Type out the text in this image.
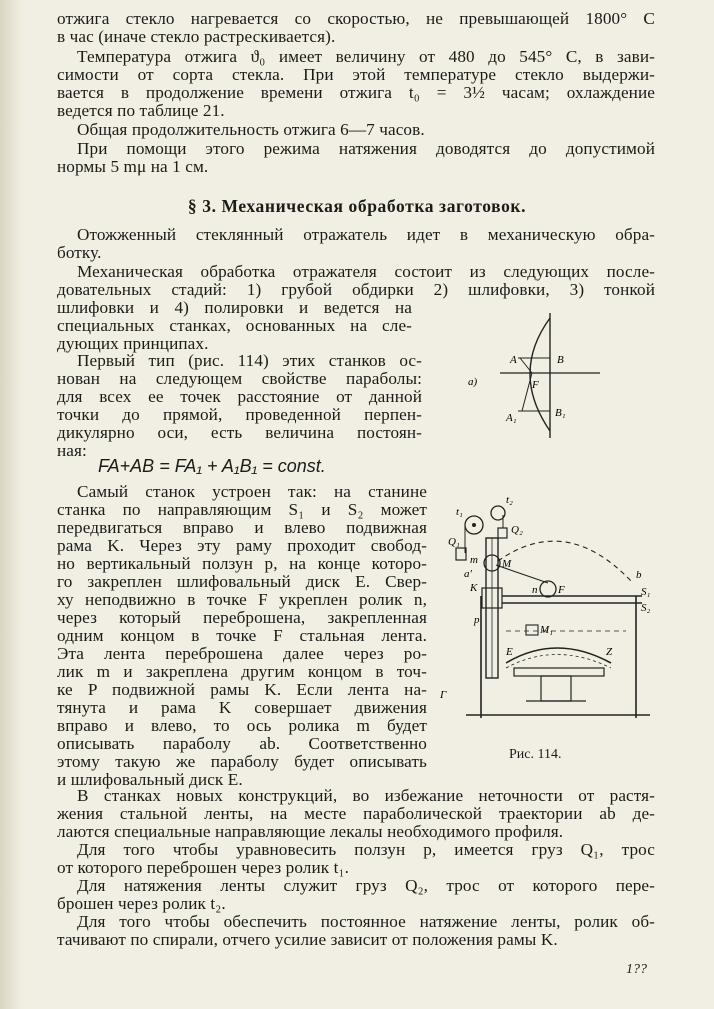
отжига стекло нагревается со скоростью, не превышающей 1800° С
в час (иначе стекло растрескивается).
Температура отжига ϑ₀ имеет величину от 480 до 545° С, в зави-
симости от сорта стекла. При этой температуре стекло выдержи-
вается в продолжение времени отжига t₀ = 3½ часам; охлаждение
ведется по таблице 21.
Общая продолжительность отжига 6—7 часов.
При помощи этого режима натяжения доводятся до допустимой
нормы 5 mμ на 1 см.
§ 3. Механическая обработка заготовок.
Отожженный стеклянный отражатель идет в механическую обра-
ботку.
Механическая обработка отражателя состоит из следующих после-
довательных стадий: 1) грубой обдирки 2) шлифовки, 3) тонкой
шлифовки и 4) полировки и ведется на
специальных станках, основанных на сле-
дующих принципах.
Первый тип (рис. 114) этих станков ос-
нован на следующем свойстве параболы:
для всех ее точек расстояние от данной
точки до прямой, проведенной перпен-
дикулярно оси, есть величина постоян-
ная:
FA+AB = FA₁ + A₁B₁ = const.
a)
A	B
F
A₁	B₁
Самый станок устроен так: на станине
станка по направляющим S₁ и S₂ может
передвигаться вправо и влево подвижная
рама K. Через эту раму проходит свобод-
но вертикальный ползун p, на конце которо-
го закреплен шлифовальный диск E. Свер-
ху неподвижно в точке F укреплен ролик n,
через который переброшена, закрепленная
одним концом в точке F стальная лента.
Эта лента переброшена далее через ро-
лик m и закреплена другим концом в точ-
ке P подвижной рамы K. Если лента на-
тянута и рама K совершает движения
вправо и влево, то ось ролика m будет
описывать параболу ab. Соответственно
этому такую же параболу будет описывать
и шлифовальный диск E.
t₁
t₂
Q₁
Q₂
m
a′
M
K	n F
b
S₁
S₂
p
M₁
E	Z
Г
Рис. 114.
В станках новых конструкций, во избежание неточности от растя-
жения стальной ленты, на месте параболической траектории ab де-
лаются специальные направляющие лекалы необходимого профиля.
Для того чтобы уравновесить ползун p, имеется груз Q₁, трос
от которого переброшен через ролик t₁.
Для натяжения ленты служит груз Q₂, трос от которого пере-
брошен через ролик t₂.
Для того чтобы обеспечить постоянное натяжение ленты, ролик об-
тачивают по спирали, отчего усилие зависит от положения рамы K.
1??
